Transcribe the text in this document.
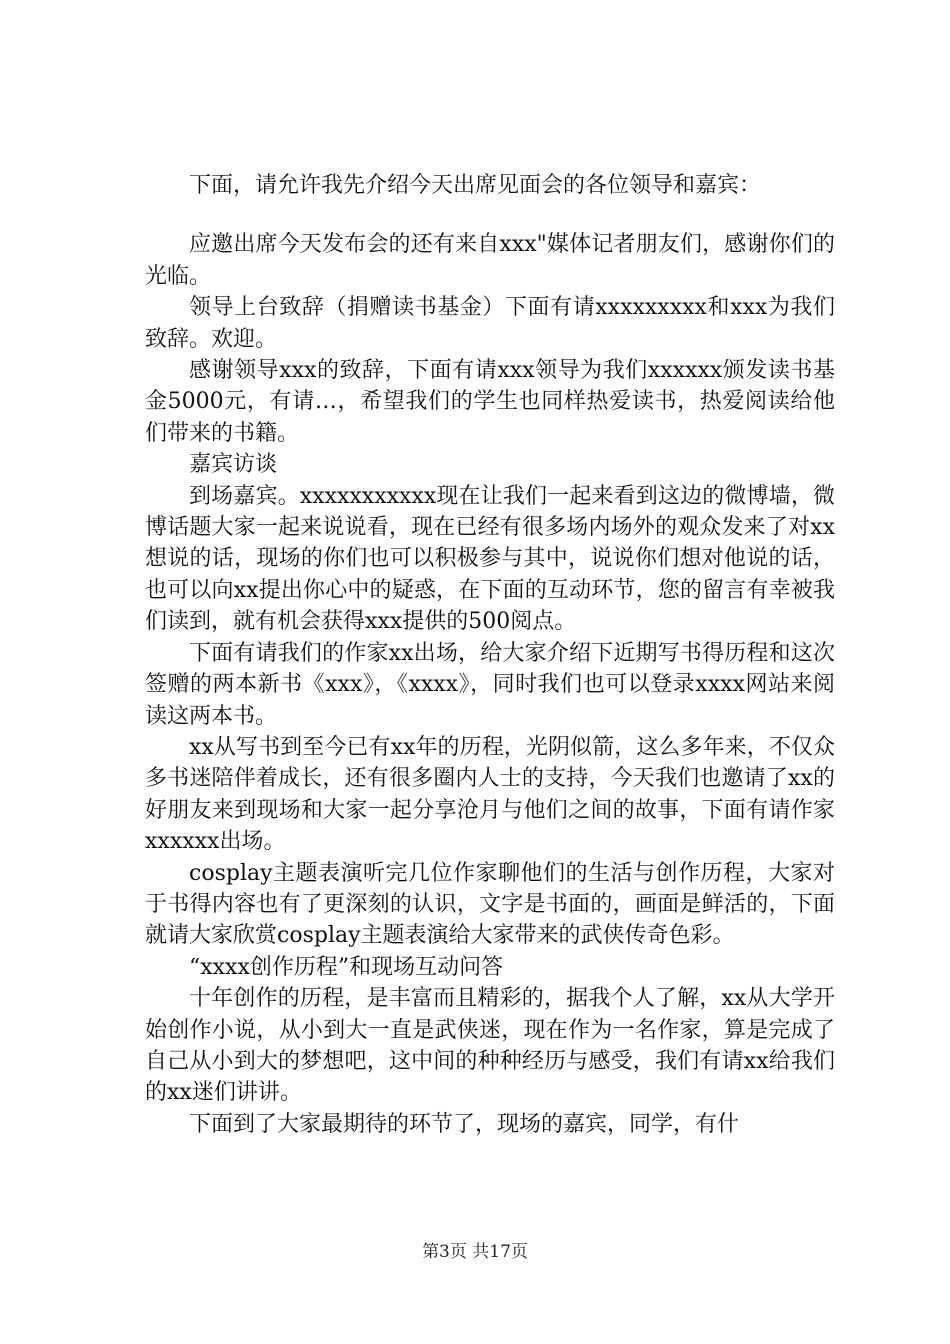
下面，请允许我先介绍今天出席见面会的各位领导和嘉宾：

应邀出席今天发布会的还有来自xxx"媒体记者朋友们，感谢你们的光临。

领导上台致辞（捐赠读书基金）下面有请xxxxxxxxx和xxx为我们致辞。欢迎。

感谢领导xxx的致辞，下面有请xxx领导为我们xxxxxx颁发读书基金5000元，有请…，希望我们的学生也同样热爱读书，热爱阅读给他们带来的书籍。

嘉宾访谈

到场嘉宾。xxxxxxxxxxx现在让我们一起来看到这边的微博墙，微博话题大家一起来说说看，现在已经有很多场内场外的观众发来了对xx想说的话，现场的你们也可以积极参与其中，说说你们想对他说的话，也可以向xx提出你心中的疑惑，在下面的互动环节，您的留言有幸被我们读到，就有机会获得xxx提供的500阅点。

下面有请我们的作家xx出场，给大家介绍下近期写书得历程和这次签赠的两本新书《xxx》，《xxxx》，同时我们也可以登录xxxx网站来阅读这两本书。

xx从写书到至今已有xx年的历程，光阴似箭，这么多年来，不仅众多书迷陪伴着成长，还有很多圈内人士的支持，今天我们也邀请了xx的好朋友来到现场和大家一起分享沧月与他们之间的故事，下面有请作家xxxxxx出场。

cosplay主题表演听完几位作家聊他们的生活与创作历程，大家对于书得内容也有了更深刻的认识，文字是书面的，画面是鲜活的，下面就请大家欣赏cosplay主题表演给大家带来的武侠传奇色彩。

“xxxx创作历程”和现场互动问答

十年创作的历程，是丰富而且精彩的，据我个人了解，xx从大学开始创作小说，从小到大一直是武侠迷，现在作为一名作家，算是完成了自己从小到大的梦想吧，这中间的种种经历与感受，我们有请xx给我们的xx迷们讲讲。

下面到了大家最期待的环节了，现场的嘉宾，同学，有什

第3页 共17页
